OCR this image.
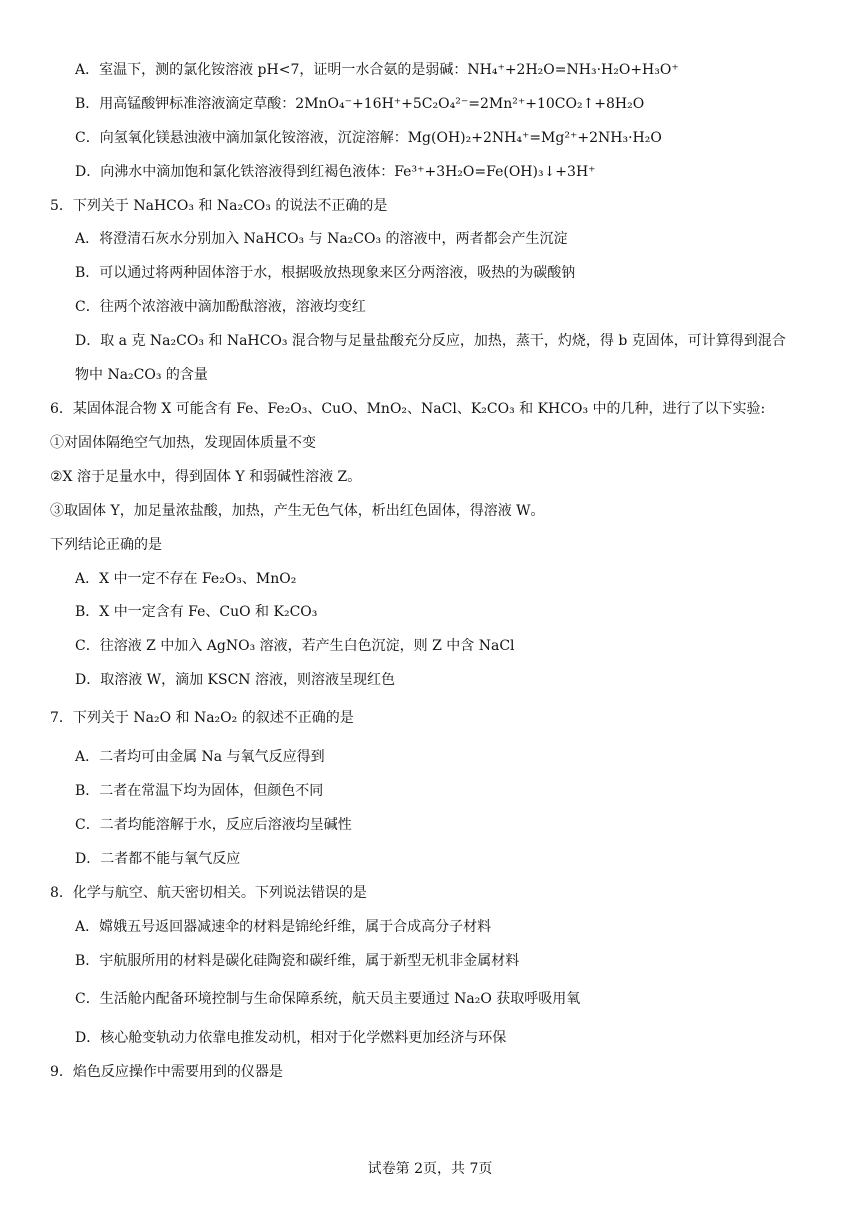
A．室温下，测的氯化铵溶液 pH<7，证明一水合氨的是弱碱：NH₄⁺+2H₂O=NH₃·H₂O+H₃O⁺
B．用高锰酸钾标准溶液滴定草酸：2MnO₄⁻+16H⁺+5C₂O₄²⁻=2Mn²⁺+10CO₂↑+8H₂O
C．向氢氧化镁悬浊液中滴加氯化铵溶液，沉淀溶解：Mg(OH)₂+2NH₄⁺=Mg²⁺+2NH₃·H₂O
D．向沸水中滴加饱和氯化铁溶液得到红褐色液体：Fe³⁺+3H₂O=Fe(OH)₃↓+3H⁺
5．下列关于 NaHCO₃ 和 Na₂CO₃ 的说法不正确的是
A．将澄清石灰水分别加入 NaHCO₃ 与 Na₂CO₃ 的溶液中，两者都会产生沉淀
B．可以通过将两种固体溶于水，根据吸放热现象来区分两溶液，吸热的为碳酸钠
C．往两个浓溶液中滴加酚酞溶液，溶液均变红
D．取 a 克 Na₂CO₃ 和 NaHCO₃ 混合物与足量盐酸充分反应，加热，蒸干，灼烧，得 b 克固体，可计算得到混合
物中 Na₂CO₃ 的含量
6．某固体混合物 X 可能含有 Fe、Fe₂O₃、CuO、MnO₂、NaCl、K₂CO₃ 和 KHCO₃ 中的几种，进行了以下实验:
①对固体隔绝空气加热，发现固体质量不变
②X 溶于足量水中，得到固体 Y 和弱碱性溶液 Z。
③取固体 Y，加足量浓盐酸，加热，产生无色气体，析出红色固体，得溶液 W。
下列结论正确的是
A．X 中一定不存在 Fe₂O₃、MnO₂
B．X 中一定含有 Fe、CuO 和 K₂CO₃
C．往溶液 Z 中加入 AgNO₃ 溶液，若产生白色沉淀，则 Z 中含 NaCl
D．取溶液 W，滴加 KSCN 溶液，则溶液呈现红色
7．下列关于 Na₂O 和 Na₂O₂ 的叙述不正确的是
A．二者均可由金属 Na 与氧气反应得到
B．二者在常温下均为固体，但颜色不同
C．二者均能溶解于水，反应后溶液均呈碱性
D．二者都不能与氧气反应
8．化学与航空、航天密切相关。下列说法错误的是
A．嫦娥五号返回器减速伞的材料是锦纶纤维，属于合成高分子材料
B．宇航服所用的材料是碳化硅陶瓷和碳纤维，属于新型无机非金属材料
C．生活舱内配备环境控制与生命保障系统，航天员主要通过 Na₂O 获取呼吸用氧
D．核心舱变轨动力依靠电推发动机，相对于化学燃料更加经济与环保
9．焰色反应操作中需要用到的仪器是
试卷第 2页，共 7页
